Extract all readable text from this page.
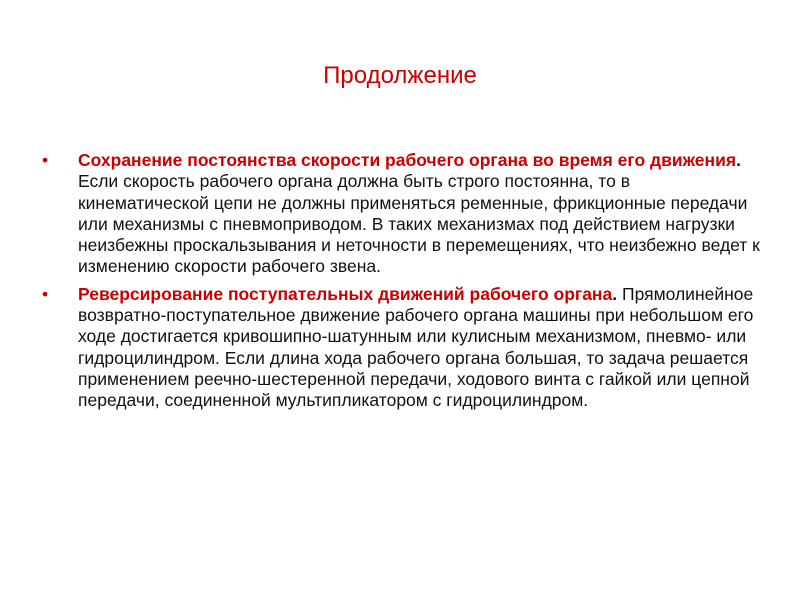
Продолжение
• Сохранение постоянства скорости рабочего органа во время его движения. Если скорость рабочего органа должна быть строго постоянна, то в кинематической цепи не должны применяться ременные, фрикционные передачи или механизмы с пневмоприводом. В таких механизмах под действием нагрузки неизбежны проскальзывания и неточности в перемещениях, что неизбежно ведет к изменению скорости рабочего звена.
• Реверсирование поступательных движений рабочего органа. Прямолинейное возвратно-поступательное движение рабочего органа машины при небольшом его ходе достигается кривошипно-шатунным или кулисным механизмом, пневмо- или гидроцилиндром. Если длина хода рабочего органа большая, то задача решается применением реечно-шестеренной передачи, ходового винта с гайкой или цепной передачи, соединенной мультипликатором с гидроцилиндром.
